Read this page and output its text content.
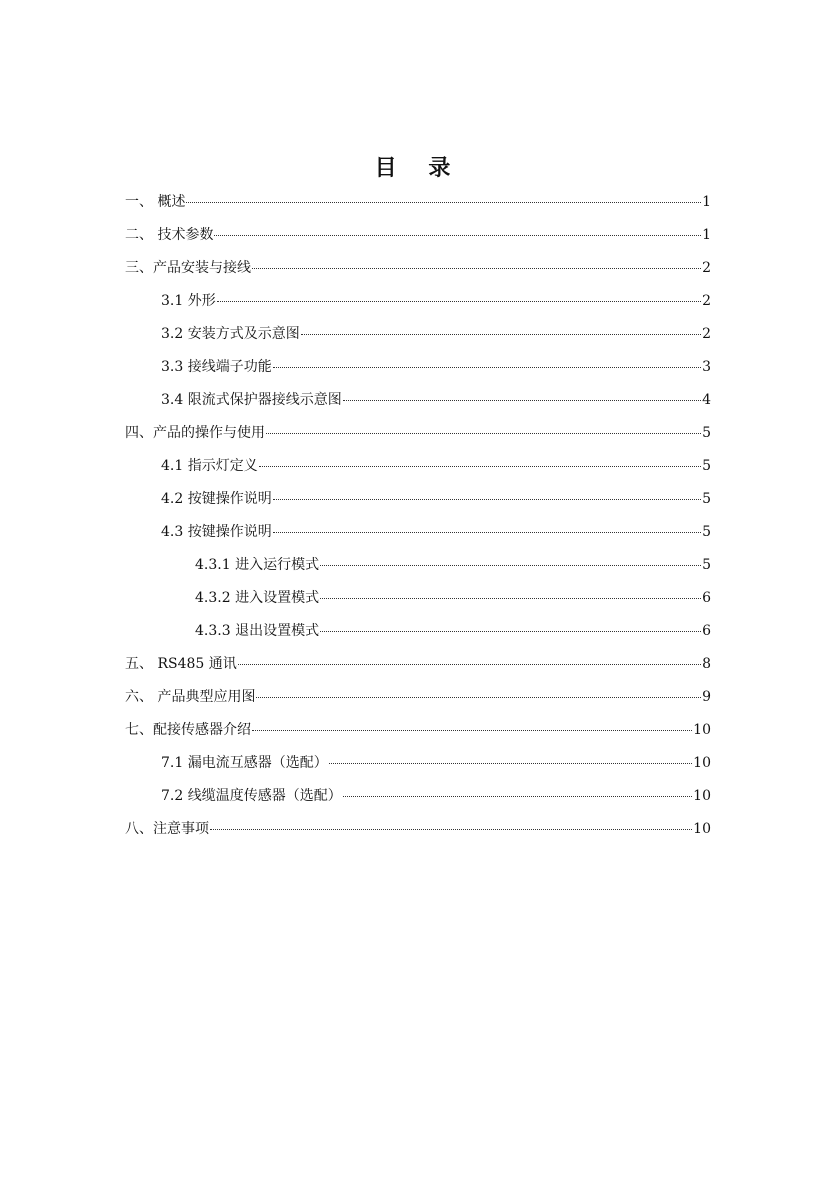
目 录
一、 概述	1
二、 技术参数	1
三、产品安装与接线	2
3.1 外形	2
3.2 安装方式及示意图	2
3.3 接线端子功能	3
3.4 限流式保护器接线示意图	4
四、产品的操作与使用	5
4.1 指示灯定义	5
4.2 按键操作说明	5
4.3 按键操作说明	5
4.3.1 进入运行模式	5
4.3.2 进入设置模式	6
4.3.3 退出设置模式	6
五、 RS485 通讯	8
六、 产品典型应用图	9
七、配接传感器介绍	10
7.1 漏电流互感器（选配）	10
7.2 线缆温度传感器（选配）	10
八、注意事项	10
